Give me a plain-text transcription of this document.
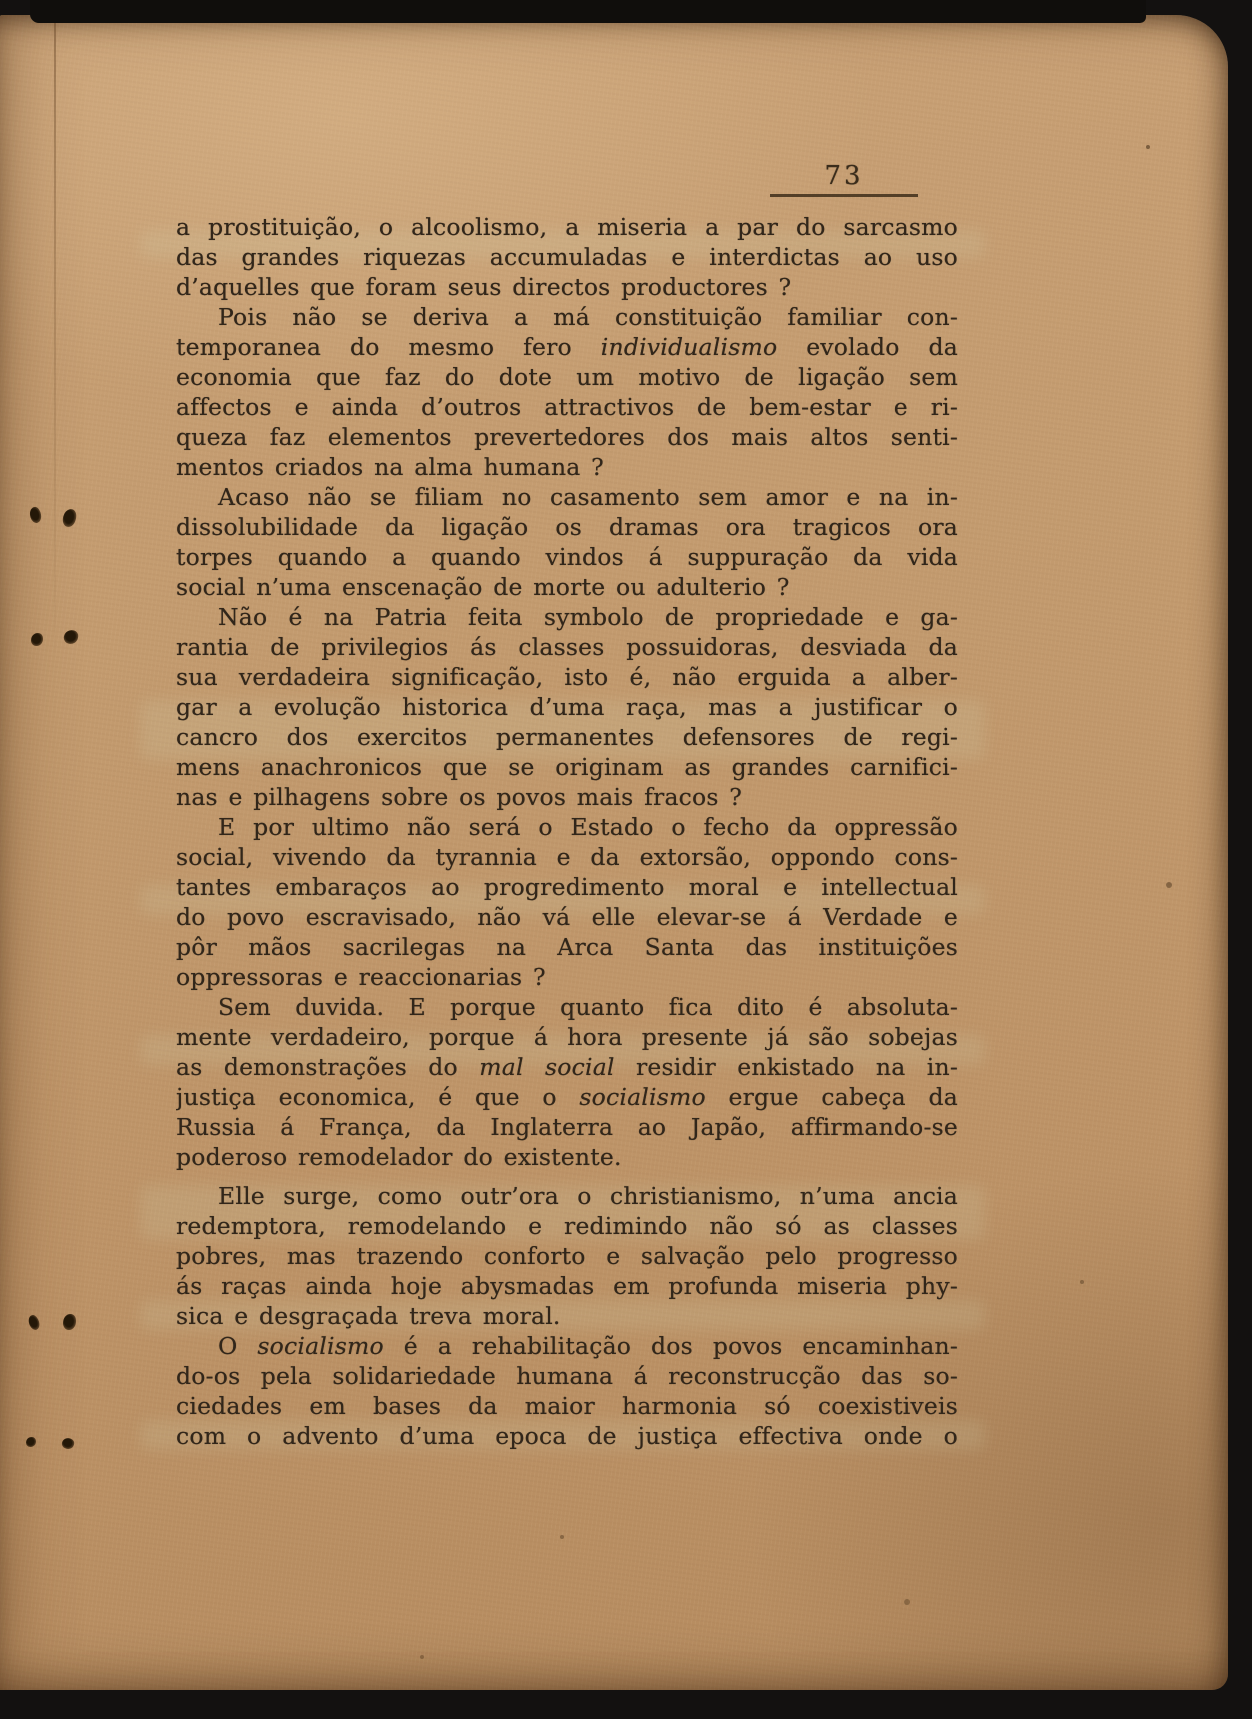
73
a prostituição, o alcoolismo, a miseria a par do sarcasmo
das grandes riquezas accumuladas e interdictas ao uso
d’aquelles que foram seus directos productores ?
Pois não se deriva a má constituição familiar con-
temporanea do mesmo fero individualismo evolado da
economia que faz do dote um motivo de ligação sem
affectos e ainda d’outros attractivos de bem-estar e ri-
queza faz elementos prevertedores dos mais altos senti-
mentos criados na alma humana ?
Acaso não se filiam no casamento sem amor e na in-
dissolubilidade da ligação os dramas ora tragicos ora
torpes quando a quando vindos á suppuração da vida
social n’uma enscenação de morte ou adulterio ?
Não é na Patria feita symbolo de propriedade e ga-
rantia de privilegios ás classes possuidoras, desviada da
sua verdadeira significação, isto é, não erguida a alber-
gar a evolução historica d’uma raça, mas a justificar o
cancro dos exercitos permanentes defensores de regi-
mens anachronicos que se originam as grandes carnifici-
nas e pilhagens sobre os povos mais fracos ?
E por ultimo não será o Estado o fecho da oppressão
social, vivendo da tyrannia e da extorsão, oppondo cons-
tantes embaraços ao progredimento moral e intellectual
do povo escravisado, não vá elle elevar-se á Verdade e
pôr mãos sacrilegas na Arca Santa das instituições
oppressoras e reaccionarias ?
Sem duvida. E porque quanto fica dito é absoluta-
mente verdadeiro, porque á hora presente já são sobejas
as demonstrações do mal social residir enkistado na in-
justiça economica, é que o socialismo ergue cabeça da
Russia á França, da Inglaterra ao Japão, affirmando-se
poderoso remodelador do existente.
Elle surge, como outr’ora o christianismo, n’uma ancia
redemptora, remodelando e redimindo não só as classes
pobres, mas trazendo conforto e salvação pelo progresso
ás raças ainda hoje abysmadas em profunda miseria phy-
sica e desgraçada treva moral.
O socialismo é a rehabilitação dos povos encaminhan-
do-os pela solidariedade humana á reconstrucção das so-
ciedades em bases da maior harmonia só coexistiveis
com o advento d’uma epoca de justiça effectiva onde o
